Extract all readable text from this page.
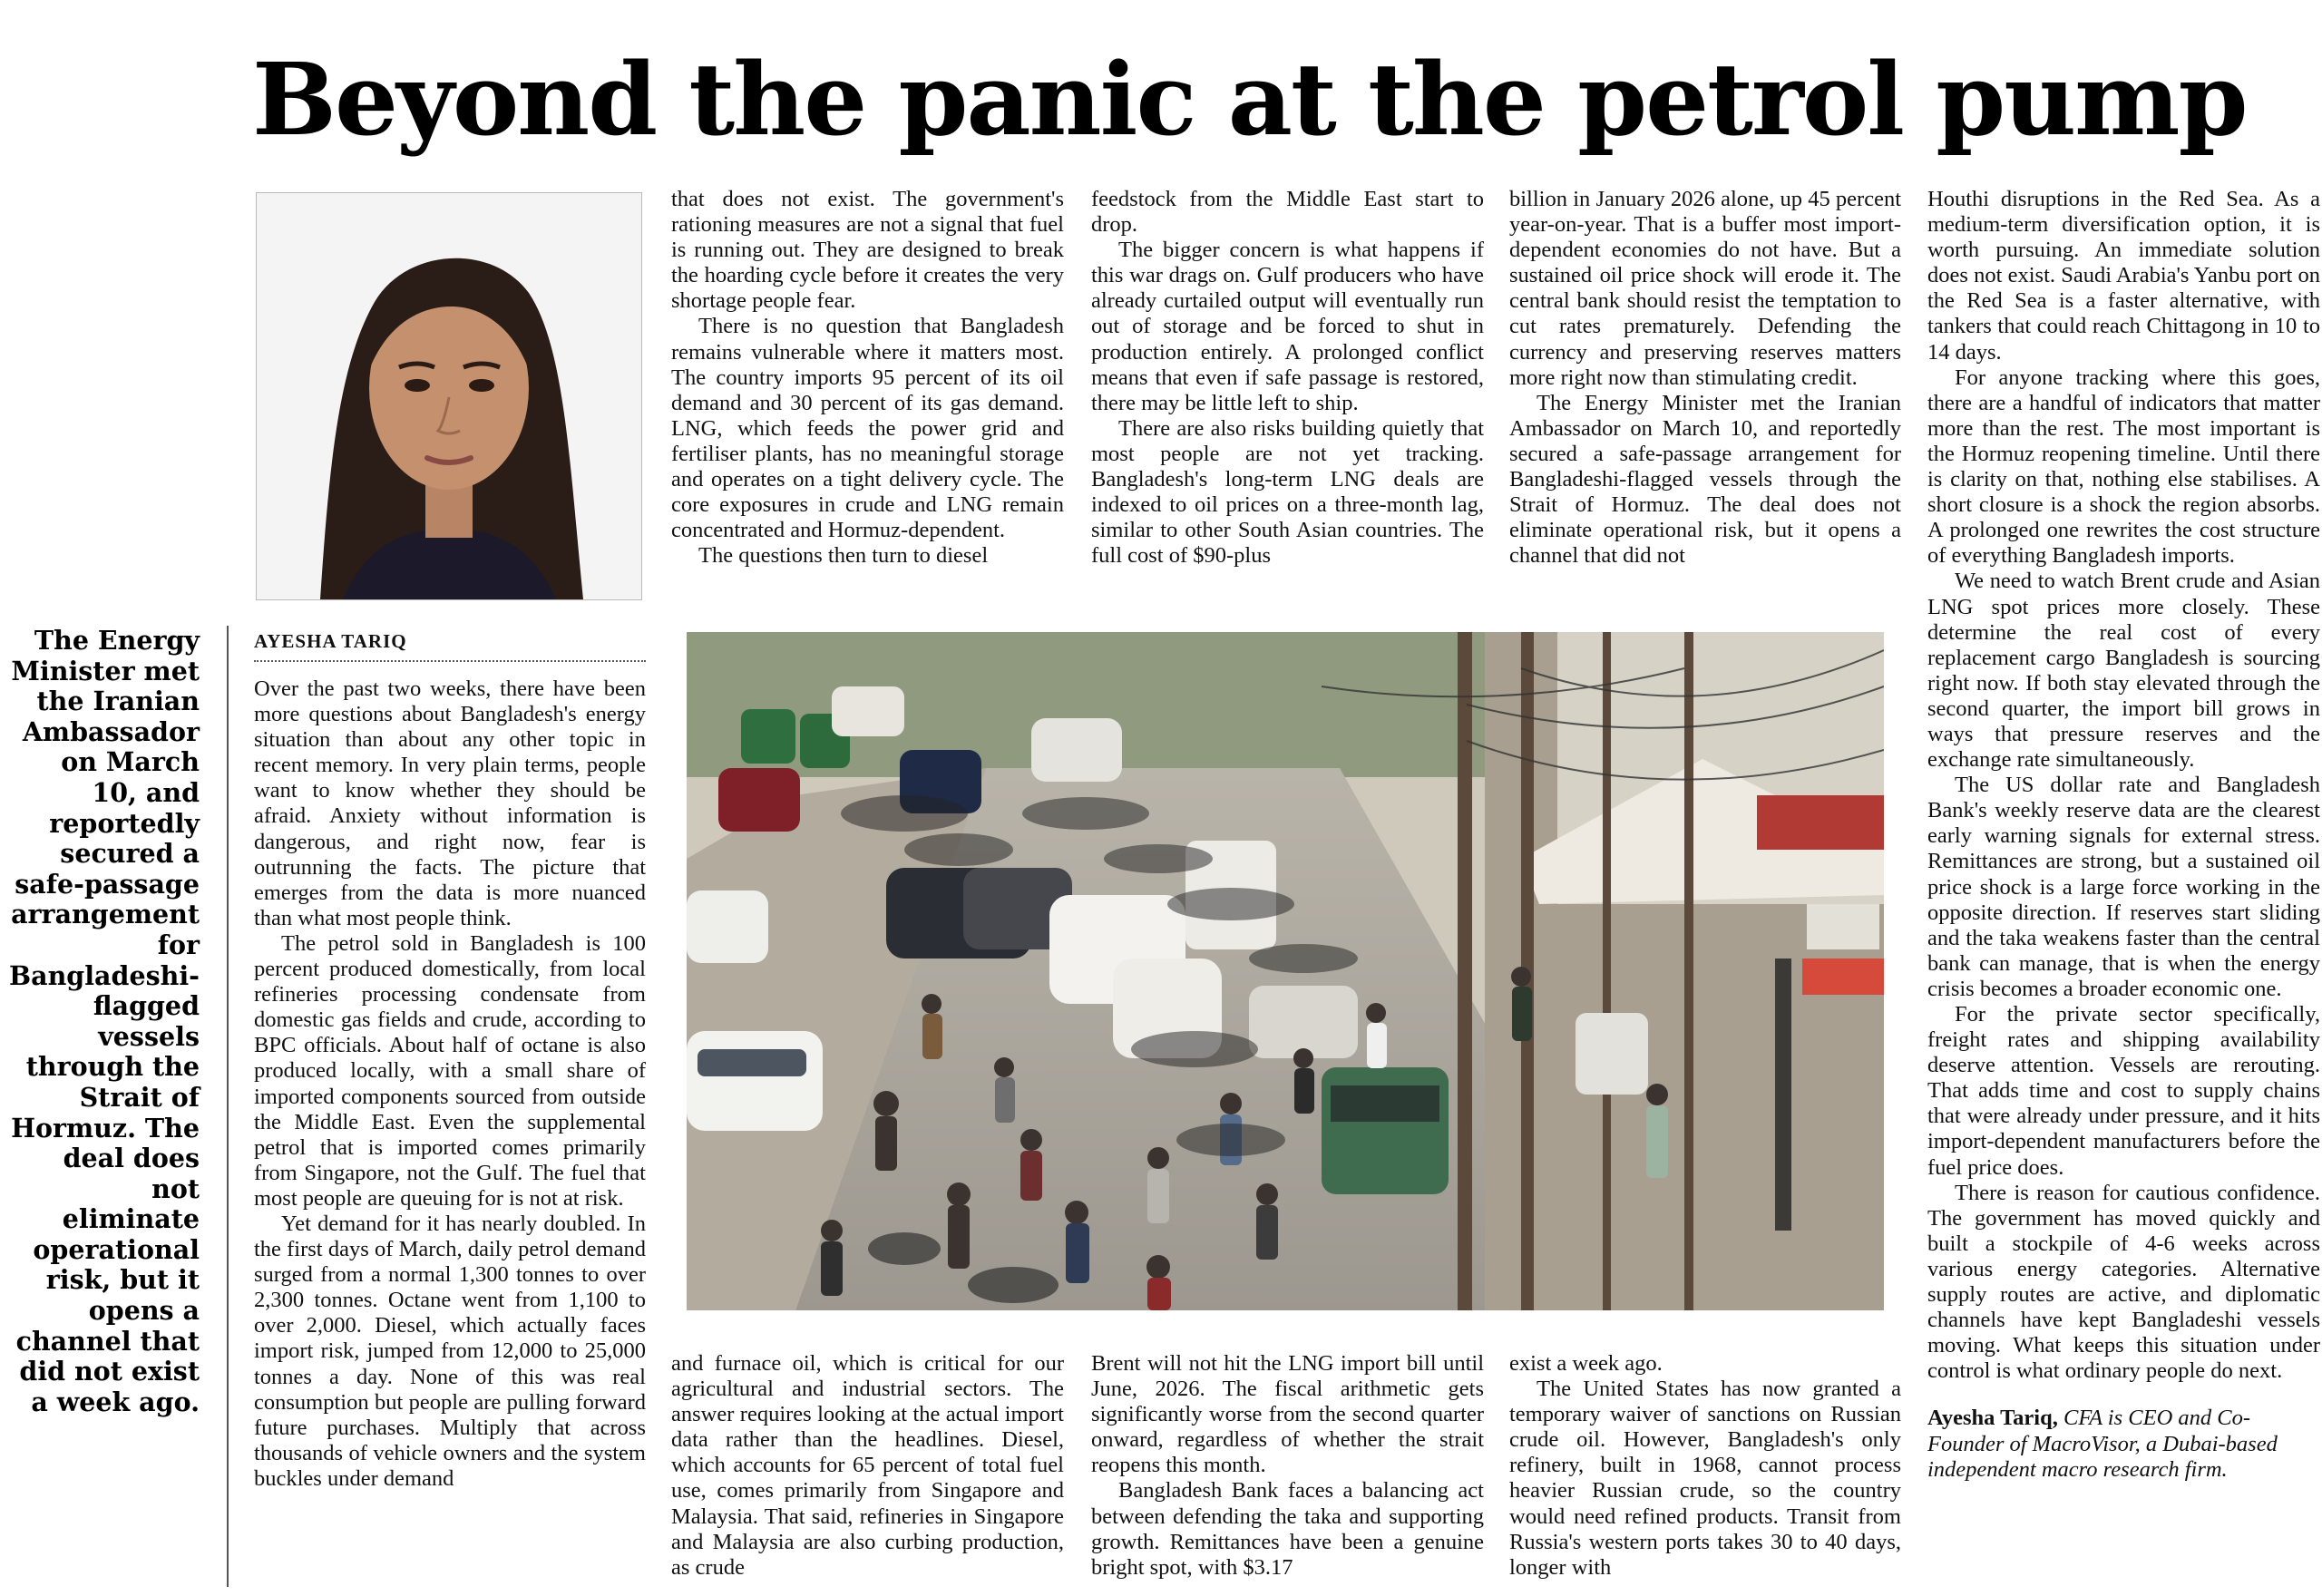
Beyond the panic at the petrol pump
The Energy Minister met the Iranian Ambassador on March 10, and reportedly secured a safe-passage arrangement for Bangladeshi-flagged vessels through the Strait of Hormuz. The deal does not eliminate operational risk, but it opens a channel that did not exist a week ago.
AYESHA TARIQ

Over the past two weeks, there have been more questions about Bangladesh's energy situation than about any other topic in recent memory. In very plain terms, people want to know whether they should be afraid. Anxiety without information is dangerous, and right now, fear is outrunning the facts. The picture that emerges from the data is more nuanced than what most people think.

The petrol sold in Bangladesh is 100 percent produced domestically, from local refineries processing condensate from domestic gas fields and crude, according to BPC officials. About half of octane is also produced locally, with a small share of imported components sourced from outside the Middle East. Even the supplemental petrol that is imported comes primarily from Singapore, not the Gulf. The fuel that most people are queuing for is not at risk.

Yet demand for it has nearly doubled. In the first days of March, daily petrol demand surged from a normal 1,300 tonnes to over 2,300 tonnes. Octane went from 1,100 to over 2,000. Diesel, which actually faces import risk, jumped from 12,000 to 25,000 tonnes a day. None of this was real consumption but people are pulling forward future purchases. Multiply that across thousands of vehicle owners and the system buckles under demand

that does not exist. The government's rationing measures are not a signal that fuel is running out. They are designed to break the hoarding cycle before it creates the very shortage people fear.

There is no question that Bangladesh remains vulnerable where it matters most. The country imports 95 percent of its oil demand and 30 percent of its gas demand. LNG, which feeds the power grid and fertiliser plants, has no meaningful storage and operates on a tight delivery cycle. The core exposures in crude and LNG remain concentrated and Hormuz-dependent.

The questions then turn to diesel

and furnace oil, which is critical for our agricultural and industrial sectors. The answer requires looking at the actual import data rather than the headlines. Diesel, which accounts for 65 percent of total fuel use, comes primarily from Singapore and Malaysia. That said, refineries in Singapore and Malaysia are also curbing production, as crude

feedstock from the Middle East start to drop.

The bigger concern is what happens if this war drags on. Gulf producers who have already curtailed output will eventually run out of storage and be forced to shut in production entirely. A prolonged conflict means that even if safe passage is restored, there may be little left to ship.

There are also risks building quietly that most people are not yet tracking. Bangladesh's long-term LNG deals are indexed to oil prices on a three-month lag, similar to other South Asian countries. The full cost of $90-plus

Brent will not hit the LNG import bill until June, 2026. The fiscal arithmetic gets significantly worse from the second quarter onward, regardless of whether the strait reopens this month.

Bangladesh Bank faces a balancing act between defending the taka and supporting growth. Remittances have been a genuine bright spot, with $3.17

billion in January 2026 alone, up 45 percent year-on-year. That is a buffer most import-dependent economies do not have. But a sustained oil price shock will erode it. The central bank should resist the temptation to cut rates prematurely. Defending the currency and preserving reserves matters more right now than stimulating credit.

The Energy Minister met the Iranian Ambassador on March 10, and reportedly secured a safe-passage arrangement for Bangladeshi-flagged vessels through the Strait of Hormuz. The deal does not eliminate operational risk, but it opens a channel that did not

exist a week ago.

The United States has now granted a temporary waiver of sanctions on Russian crude oil. However, Bangladesh's only refinery, built in 1968, cannot process heavier Russian crude, so the country would need refined products. Transit from Russia's western ports takes 30 to 40 days, longer with

Houthi disruptions in the Red Sea. As a medium-term diversification option, it is worth pursuing. An immediate solution does not exist. Saudi Arabia's Yanbu port on the Red Sea is a faster alternative, with tankers that could reach Chittagong in 10 to 14 days.

For anyone tracking where this goes, there are a handful of indicators that matter more than the rest. The most important is the Hormuz reopening timeline. Until there is clarity on that, nothing else stabilises. A short closure is a shock the region absorbs. A prolonged one rewrites the cost structure of everything Bangladesh imports.

We need to watch Brent crude and Asian LNG spot prices more closely. These determine the real cost of every replacement cargo Bangladesh is sourcing right now. If both stay elevated through the second quarter, the import bill grows in ways that pressure reserves and the exchange rate simultaneously.

The US dollar rate and Bangladesh Bank's weekly reserve data are the clearest early warning signals for external stress. Remittances are strong, but a sustained oil price shock is a large force working in the opposite direction. If reserves start sliding and the taka weakens faster than the central bank can manage, that is when the energy crisis becomes a broader economic one.

For the private sector specifically, freight rates and shipping availability deserve attention. Vessels are rerouting. That adds time and cost to supply chains that were already under pressure, and it hits import-dependent manufacturers before the fuel price does.

There is reason for cautious confidence. The government has moved quickly and built a stockpile of 4-6 weeks across various energy categories. Alternative supply routes are active, and diplomatic channels have kept Bangladeshi vessels moving. What keeps this situation under control is what ordinary people do next.

Ayesha Tariq, CFA is CEO and Co-Founder of MacroVisor, a Dubai-based independent macro research firm.
